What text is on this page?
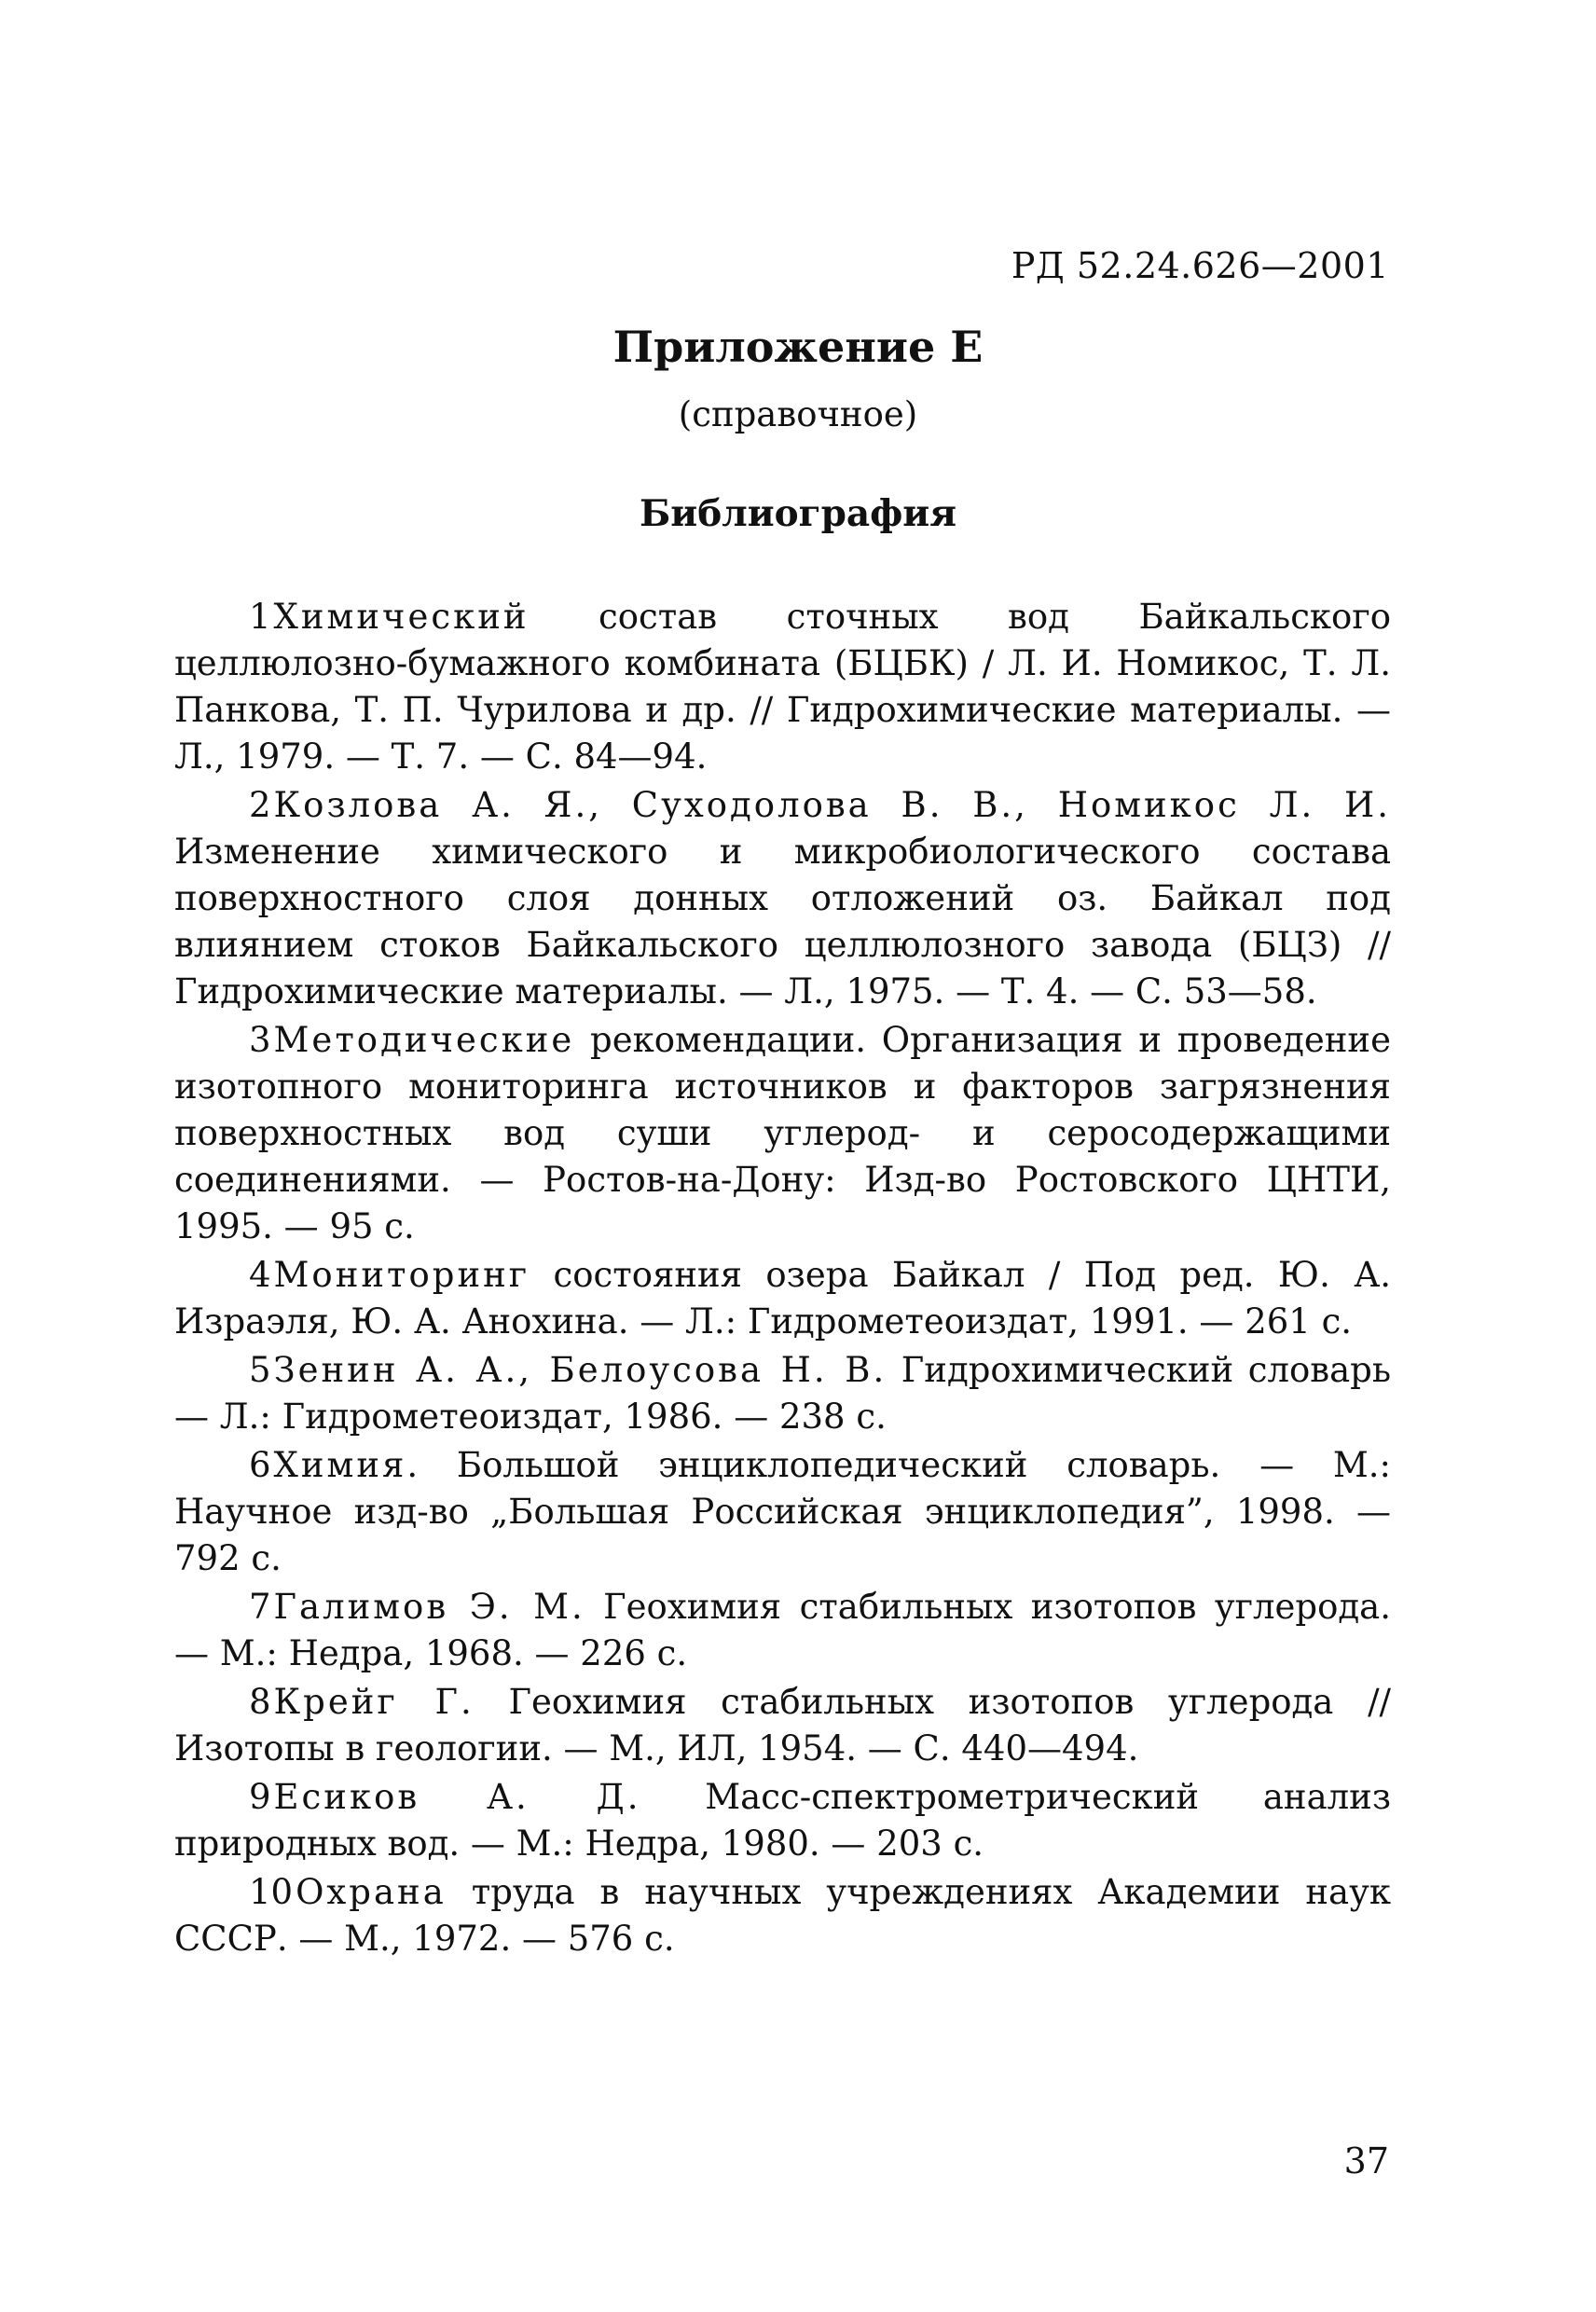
РД 52.24.626—2001
Приложение Е
(справочное)
Библиография
1Химический состав сточных вод Байкальского целлюлозно-бумажного комбината (БЦБК) / Л. И. Номикос, Т. Л. Панкова, Т. П. Чурилова и др. // Гидрохимические материалы. — Л., 1979. — Т. 7. — С. 84—94.
2Козлова А. Я., Суходолова В. В., Номикос Л. И. Изменение химического и микробиологического состава поверхностного слоя донных отложений оз. Байкал под влиянием стоков Байкальского целлюлозного завода (БЦЗ) // Гидрохимические материалы. — Л., 1975. — Т. 4. — С. 53—58.
3Методические рекомендации. Организация и проведение изотопного мониторинга источников и факторов загрязнения поверхностных вод суши углерод- и серосодержащими соединениями. — Ростов-на-Дону: Изд-во Ростовского ЦНТИ, 1995. — 95 с.
4Мониторинг состояния озера Байкал / Под ред. Ю. А. Израэля, Ю. А. Анохина. — Л.: Гидрометеоиздат, 1991. — 261 с.
5Зенин А. А., Белоусова Н. В. Гидрохимический словарь — Л.: Гидрометеоиздат, 1986. — 238 с.
6Химия. Большой энциклопедический словарь. — М.: Научное изд-во „Большая Российская энциклопедия”, 1998. — 792 с.
7Галимов Э. М. Геохимия стабильных изотопов углерода. — М.: Недра, 1968. — 226 с.
8Крейг Г. Геохимия стабильных изотопов углерода // Изотопы в геологии. — М., ИЛ, 1954. — С. 440—494.
9Есиков А. Д. Масс-спектрометрический анализ природных вод. — М.: Недра, 1980. — 203 с.
10Охрана труда в научных учреждениях Академии наук СССР. — М., 1972. — 576 с.
37
